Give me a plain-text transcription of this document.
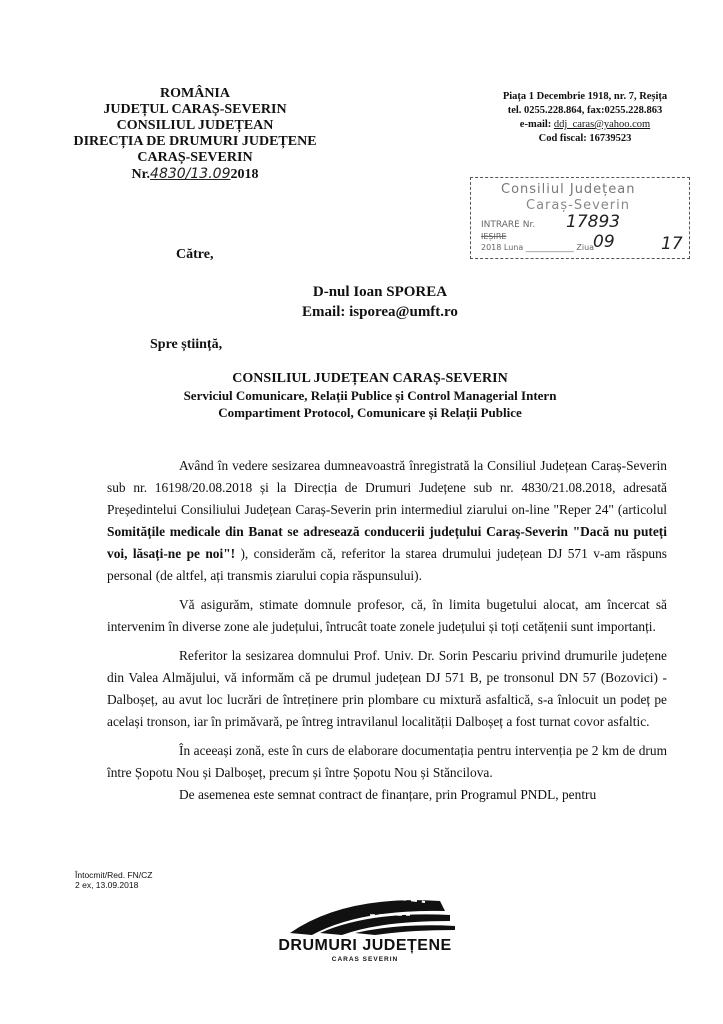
ROMÂNIA
JUDEȚUL CARAȘ-SEVERIN
CONSILIUL JUDEȚEAN
DIRECȚIA DE DRUMURI JUDEȚENE
CARAȘ-SEVERIN
Nr.4830/13.092018
Piața 1 Decembrie 1918, nr. 7, Reșița
tel. 0255.228.864, fax:0255.228.863
e-mail: ddj_caras@yahoo.com
Cod fiscal: 16739523
Consiliul Județean
Caraș-Severin
INTRARE Nr.
IEȘIRE
2018 Luna ____________ Ziua
17893
09	17
Către,
D-nul Ioan SPOREA
Email: isporea@umft.ro
Spre știință,
CONSILIUL JUDEȚEAN CARAȘ-SEVERIN
Serviciul Comunicare, Relații Publice și Control Managerial Intern
Compartiment Protocol, Comunicare și Relații Publice

Având în vedere sesizarea dumneavoastră înregistrată la Consiliul Județean Caraș-Severin sub nr. 16198/20.08.2018 și la Direcția de Drumuri Județene sub nr. 4830/21.08.2018, adresată Președintelui Consiliului Județean Caraș-Severin prin intermediul ziarului on-line "Reper 24" (articolul Somitățile medicale din Banat se adresează conducerii județului Caraș-Severin "Dacă nu puteți voi, lăsați-ne pe noi"! ), considerăm că, referitor la starea drumului județean DJ 571 v-am răspuns personal (de altfel, ați transmis ziarului copia răspunsului).

Vă asigurăm, stimate domnule profesor, că, în limita bugetului alocat, am încercat să intervenim în diverse zone ale județului, întrucât toate zonele județului și toți cetățenii sunt importanți.

Referitor la sesizarea domnului Prof. Univ. Dr. Sorin Pescariu privind drumurile județene din Valea Almăjului, vă informăm că pe drumul județean DJ 571 B, pe tronsonul DN 57 (Bozovici) - Dalboșeț, au avut loc lucrări de întreținere prin plombare cu mixtură asfaltică, s-a înlocuit un podeț pe același tronson, iar în primăvară, pe întreg intravilanul localității Dalboșeț a fost turnat covor asfaltic.

În aceeași zonă, este în curs de elaborare documentația pentru intervenția pe 2 km de drum între Șopotu Nou și Dalboșeț, precum și între Șopotu Nou și Stăncilova.

De asemenea este semnat contract de finanțare, prin Programul PNDL, pentru

Întocmit/Red. FN/CZ
2 ex, 13.09.2018
DRUMURI JUDEȚENE
CARAS SEVERIN
